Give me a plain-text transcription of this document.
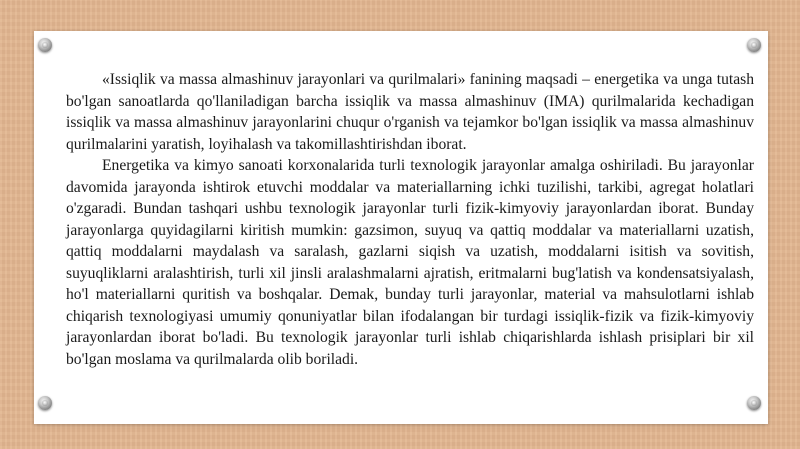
«Issiqlik va massa almashinuv jarayonlari va qurilmalari» fanining maqsadi – energetika va unga tutash bo'lgan sanoatlarda qo'llaniladigan barcha issiqlik va massa almashinuv (IMA) qurilmalarida kechadigan issiqlik va massa almashinuv jarayonlarini chuqur o'rganish va tejamkor bo'lgan issiqlik va massa almashinuv qurilmalarini yaratish, loyihalash va takomillashtirishdan iborat.

Energetika va kimyo sanoati korxonalarida turli texnologik jarayonlar amalga oshiriladi. Bu jarayonlar davomida jarayonda ishtirok etuvchi moddalar va materiallarning ichki tuzilishi, tarkibi, agregat holatlari o'zgaradi. Bundan tashqari ushbu texnologik jarayonlar turli fizik-kimyoviy jarayonlardan iborat. Bunday jarayonlarga quyidagilarni kiritish mumkin: gazsimon, suyuq va qattiq moddalar va materiallarni uzatish, qattiq moddalarni maydalash va saralash, gazlarni siqish va uzatish, moddalarni isitish va sovitish, suyuqliklarni aralashtirish, turli xil jinsli aralashmalarni ajratish, eritmalarni bug'latish va kondensatsiyalash, ho'l materiallarni quritish va boshqalar. Demak, bunday turli jarayonlar, material va mahsulotlarni ishlab chiqarish texnologiyasi umumiy qonuniyatlar bilan ifodalangan bir turdagi issiqlik-fizik va fizik-kimyoviy jarayonlardan iborat bo'ladi. Bu texnologik jarayonlar turli ishlab chiqarishlarda ishlash prisiplari bir xil bo'lgan moslama va qurilmalarda olib boriladi.
